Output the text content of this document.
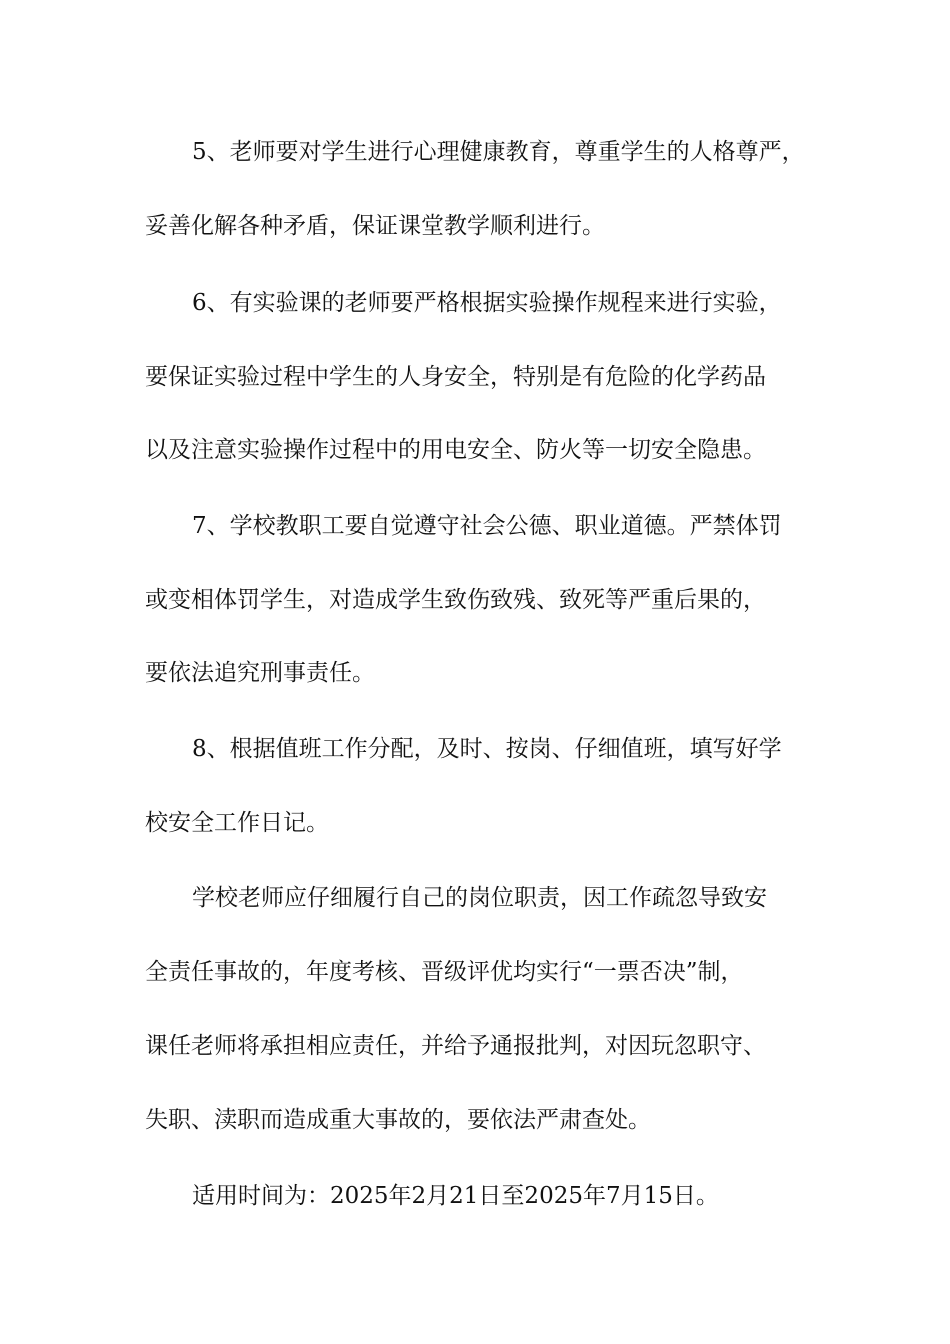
5、老师要对学生进行心理健康教育，尊重学生的人格尊严，
妥善化解各种矛盾，保证课堂教学顺利进行。
6、有实验课的老师要严格根据实验操作规程来进行实验，
要保证实验过程中学生的人身安全，特别是有危险的化学药品
以及注意实验操作过程中的用电安全、防火等一切安全隐患。
7、学校教职工要自觉遵守社会公德、职业道德。严禁体罚
或变相体罚学生，对造成学生致伤致残、致死等严重后果的，
要依法追究刑事责任。
8、根据值班工作分配，及时、按岗、仔细值班，填写好学
校安全工作日记。
学校老师应仔细履行自己的岗位职责，因工作疏忽导致安
全责任事故的，年度考核、晋级评优均实行“一票否决”制，
课任老师将承担相应责任，并给予通报批判，对因玩忽职守、
失职、渎职而造成重大事故的，要依法严肃查处。
适用时间为：2025年2月21日至2025年7月15日。
